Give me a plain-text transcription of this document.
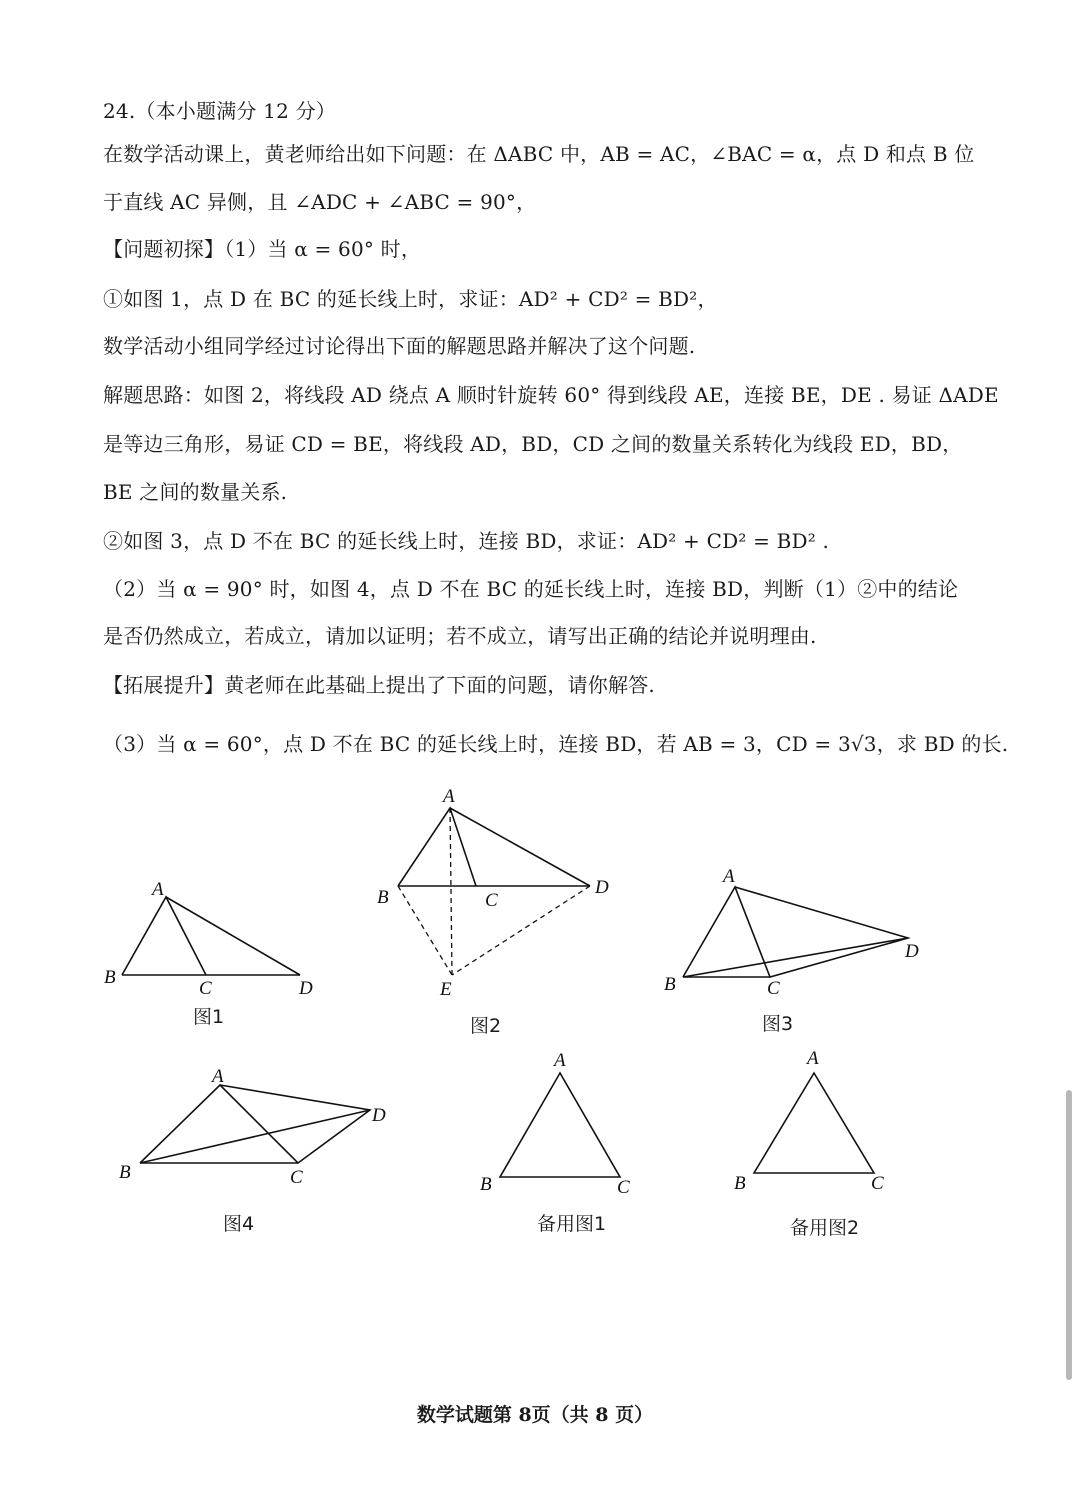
24.（本小题满分 12 分）
在数学活动课上，黄老师给出如下问题：在 ΔABC 中，AB = AC，∠BAC = α，点 D 和点 B 位
于直线 AC 异侧，且 ∠ADC + ∠ABC = 90°，
【问题初探】（1）当 α = 60° 时，
①如图 1，点 D 在 BC 的延长线上时，求证：AD² + CD² = BD²，
数学活动小组同学经过讨论得出下面的解题思路并解决了这个问题.
解题思路：如图 2，将线段 AD 绕点 A 顺时针旋转 60° 得到线段 AE，连接 BE，DE . 易证 ΔADE
是等边三角形，易证 CD = BE，将线段 AD，BD，CD 之间的数量关系转化为线段 ED，BD，
BE 之间的数量关系.
②如图 3，点 D 不在 BC 的延长线上时，连接 BD，求证：AD² + CD² = BD² .
（2）当 α = 90° 时，如图 4，点 D 不在 BC 的延长线上时，连接 BD，判断（1）②中的结论
是否仍然成立，若成立，请加以证明；若不成立，请写出正确的结论并说明理由.
【拓展提升】黄老师在此基础上提出了下面的问题，请你解答.
（3）当 α = 60°，点 D 不在 BC 的延长线上时，连接 BD，若 AB = 3，CD = 3√3，求 BD 的长.
A
B
C	D
A
B	C
D
E
A
B	C
D
A
B	C
D
A
B	C
A
B	C
图1	图2	图3
图4	备用图1	备用图2
数学试题第 8页（共 8 页）
